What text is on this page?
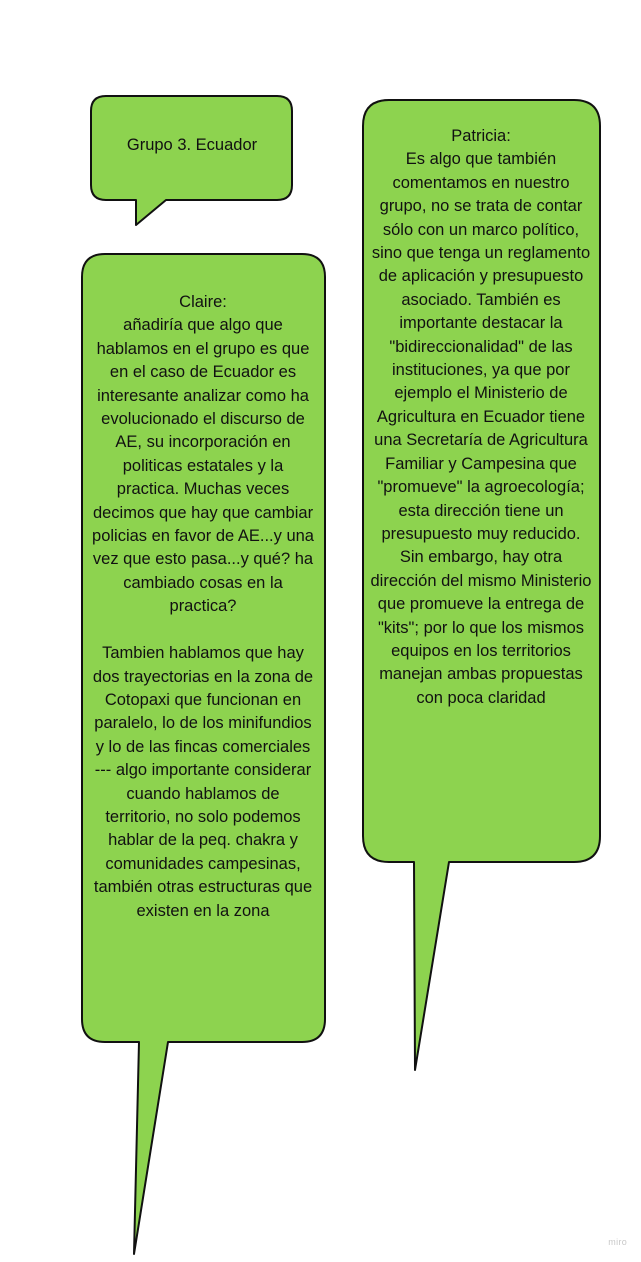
Grupo 3. Ecuador

Claire:
añadiría que algo que hablamos en el grupo es que en el caso de Ecuador es interesante analizar como ha evolucionado el discurso de AE, su incorporación en politicas estatales y la practica. Muchas veces decimos que hay que cambiar policias en favor de AE...y una vez que esto pasa...y qué? ha cambiado cosas en la practica?

Tambien hablamos que hay dos trayectorias en la zona de Cotopaxi que funcionan en paralelo, lo de los minifundios y lo de las fincas comerciales --- algo importante considerar cuando hablamos de territorio, no solo podemos hablar de la peq. chakra y comunidades campesinas, también otras estructuras que existen en la zona

Patricia:
Es algo que también comentamos en nuestro grupo, no se trata de contar sólo con un marco político, sino que tenga un reglamento de aplicación y presupuesto asociado. También es importante destacar la "bidireccionalidad" de las instituciones, ya que por ejemplo el Ministerio de Agricultura en Ecuador tiene una Secretaría de Agricultura Familiar y Campesina que "promueve" la agroecología; esta dirección tiene un presupuesto muy reducido. Sin embargo, hay otra dirección del mismo Ministerio que promueve la entrega de "kits"; por lo que los mismos equipos en los territorios manejan ambas propuestas con poca claridad

miro
